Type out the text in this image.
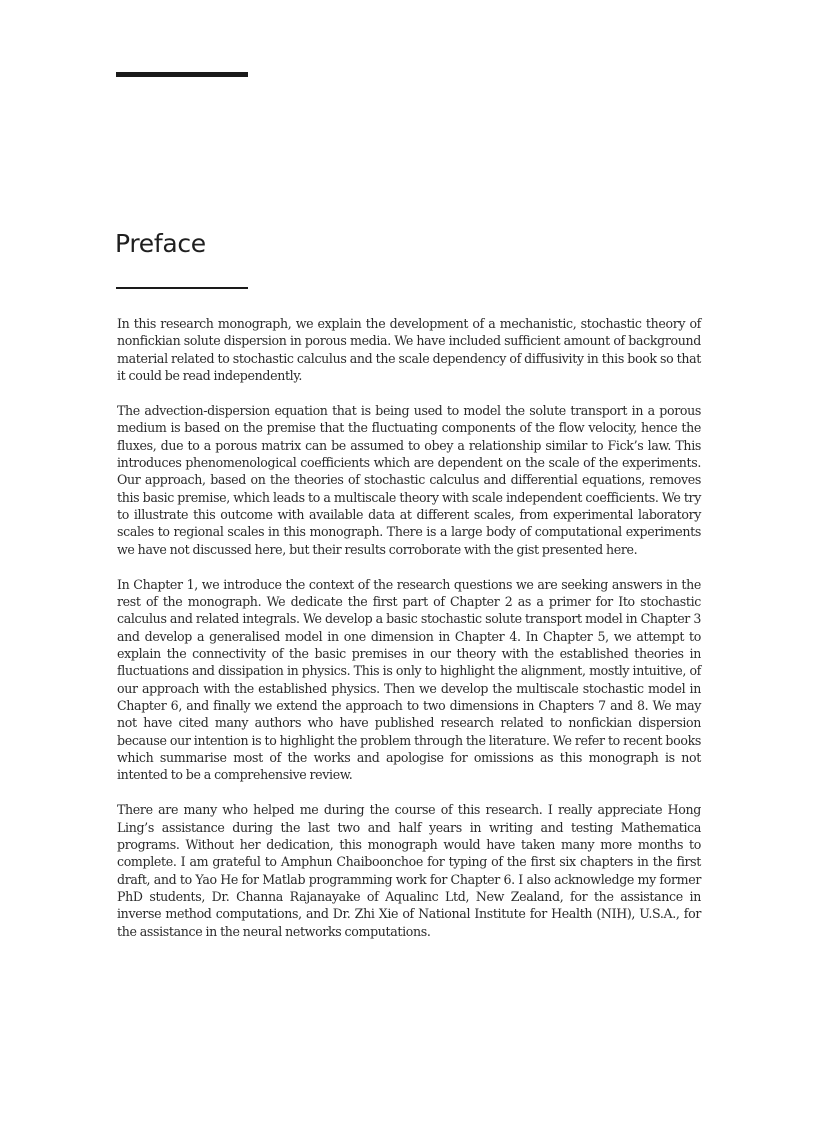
Preface

In this research monograph, we explain the development of a mechanistic, stochastic theory of nonfickian solute dispersion in porous media. We have included sufficient amount of background material related to stochastic calculus and the scale dependency of diffusivity in this book so that it could be read independently.

The advection-dispersion equation that is being used to model the solute transport in a porous medium is based on the premise that the fluctuating components of the flow velocity, hence the fluxes, due to a porous matrix can be assumed to obey a relationship similar to Fick’s law. This introduces phenomenological coefficients which are dependent on the scale of the experiments. Our approach, based on the theories of stochastic calculus and differential equations, removes this basic premise, which leads to a multiscale theory with scale independent coefficients. We try to illustrate this outcome with available data at different scales, from experimental laboratory scales to regional scales in this monograph. There is a large body of computational experiments we have not discussed here, but their results corroborate with the gist presented here.

In Chapter 1, we introduce the context of the research questions we are seeking answers in the rest of the monograph. We dedicate the first part of Chapter 2 as a primer for Ito stochastic calculus and related integrals. We develop a basic stochastic solute transport model in Chapter 3 and develop a generalised model in one dimension in Chapter 4. In Chapter 5, we attempt to explain the connectivity of the basic premises in our theory with the established theories in fluctuations and dissipation in physics. This is only to highlight the alignment, mostly intuitive, of our approach with the established physics. Then we develop the multiscale stochastic model in Chapter 6, and finally we extend the approach to two dimensions in Chapters 7 and 8. We may not have cited many authors who have published research related to nonfickian dispersion because our intention is to highlight the problem through the literature. We refer to recent books which summarise most of the works and apologise for omissions as this monograph is not intented to be a comprehensive review.

There are many who helped me during the course of this research. I really appreciate Hong Ling’s assistance during the last two and half years in writing and testing Mathematica programs. Without her dedication, this monograph would have taken many more months to complete. I am grateful to Amphun Chaiboonchoe for typing of the first six chapters in the first draft, and to Yao He for Matlab programming work for Chapter 6. I also acknowledge my former PhD students, Dr. Channa Rajanayake of Aqualinc Ltd, New Zealand, for the assistance in inverse method computations, and Dr. Zhi Xie of National Institute for Health (NIH), U.S.A., for the assistance in the neural networks computations.
